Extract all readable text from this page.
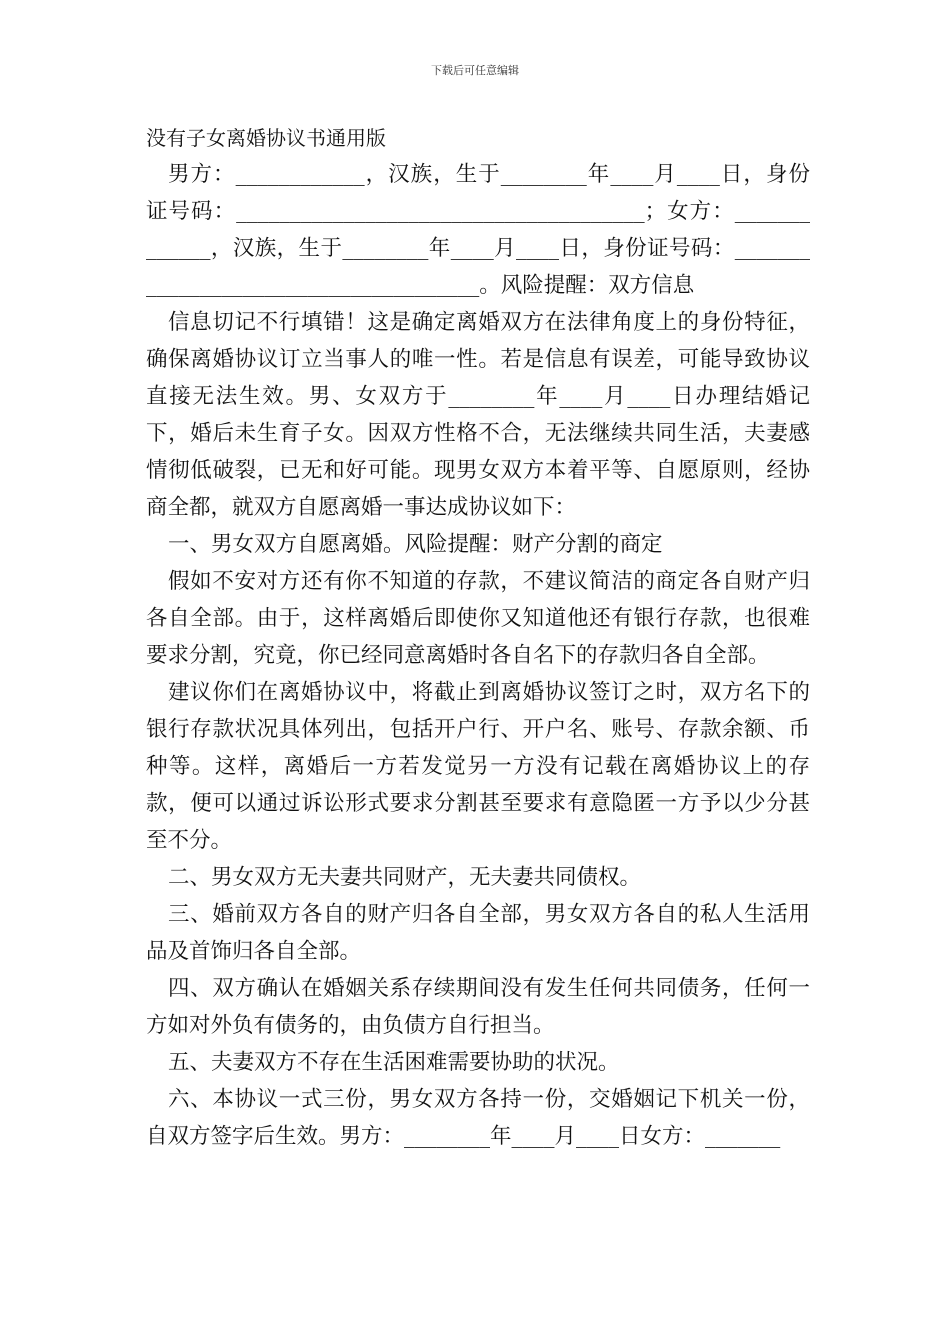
下载后可任意编辑
没有子女离婚协议书通用版

男方：____________，汉族，生于________年____月____日，身份证号码：______________________________________；女方：_____________，汉族，生于________年____月____日，身份证号码：______________________________________。风险提醒：双方信息

信息切记不行填错！这是确定离婚双方在法律角度上的身份特征，确保离婚协议订立当事人的唯一性。若是信息有误差，可能导致协议直接无法生效。男、女双方于________年____月____日办理结婚记下，婚后未生育子女。因双方性格不合，无法继续共同生活，夫妻感情彻低破裂，已无和好可能。现男女双方本着平等、自愿原则，经协商全都，就双方自愿离婚一事达成协议如下：

一、男女双方自愿离婚。风险提醒：财产分割的商定

假如不安对方还有你不知道的存款，不建议简洁的商定各自财产归各自全部。由于，这样离婚后即使你又知道他还有银行存款，也很难要求分割，究竟，你已经同意离婚时各自名下的存款归各自全部。

建议你们在离婚协议中，将截止到离婚协议签订之时，双方名下的银行存款状况具体列出，包括开户行、开户名、账号、存款余额、币种等。这样，离婚后一方若发觉另一方没有记载在离婚协议上的存款，便可以通过诉讼形式要求分割甚至要求有意隐匿一方予以少分甚至不分。

二、男女双方无夫妻共同财产，无夫妻共同债权。

三、婚前双方各自的财产归各自全部，男女双方各自的私人生活用品及首饰归各自全部。

四、双方确认在婚姻关系存续期间没有发生任何共同债务，任何一方如对外负有债务的，由负债方自行担当。

五、夫妻双方不存在生活困难需要协助的状况。

六、本协议一式三份，男女双方各持一份，交婚姻记下机关一份，自双方签字后生效。男方：________年____月____日女方：_______
